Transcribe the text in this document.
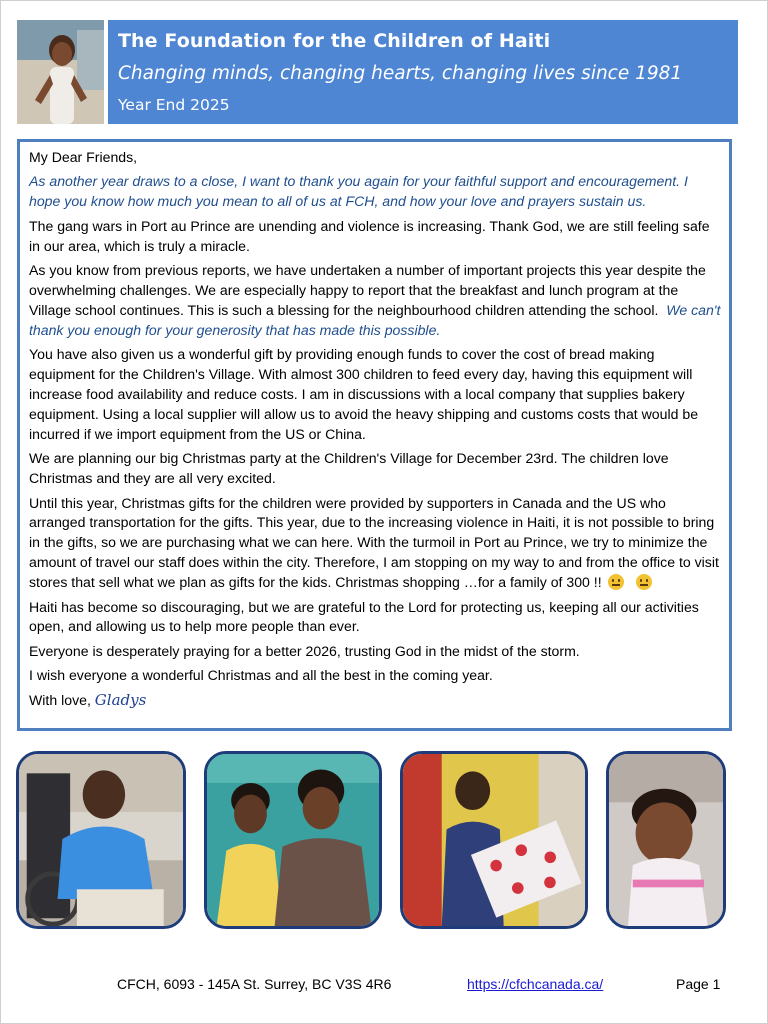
The Foundation for the Children of Haiti
Changing minds, changing hearts, changing lives since 1981
Year End 2025

My Dear Friends,

As another year draws to a close, I want to thank you again for your faithful support and encouragement. I hope you know how much you mean to all of us at FCH, and how your love and prayers sustain us.

The gang wars in Port au Prince are unending and violence is increasing. Thank God, we are still feeling safe in our area, which is truly a miracle.

As you know from previous reports, we have undertaken a number of important projects this year despite the overwhelming challenges. We are especially happy to report that the breakfast and lunch program at the Village school continues. This is such a blessing for the neighbourhood children attending the school. We can't thank you enough for your generosity that has made this possible.

You have also given us a wonderful gift by providing enough funds to cover the cost of bread making equipment for the Children's Village. With almost 300 children to feed every day, having this equipment will increase food availability and reduce costs. I am in discussions with a local company that supplies bakery equipment. Using a local supplier will allow us to avoid the heavy shipping and customs costs that would be incurred if we import equipment from the US or China.

We are planning our big Christmas party at the Children's Village for December 23rd. The children love Christmas and they are all very excited.

Until this year, Christmas gifts for the children were provided by supporters in Canada and the US who arranged transportation for the gifts. This year, due to the increasing violence in Haiti, it is not possible to bring in the gifts, so we are purchasing what we can here. With the turmoil in Port au Prince, we try to minimize the amount of travel our staff does within the city. Therefore, I am stopping on my way to and from the office to visit stores that sell what we plan as gifts for the kids. Christmas shopping …for a family of 300 !!

Haiti has become so discouraging, but we are grateful to the Lord for protecting us, keeping all our activities open, and allowing us to help more people than ever.

Everyone is desperately praying for a better 2026, trusting God in the midst of the storm.

I wish everyone a wonderful Christmas and all the best in the coming year.

With love, Gladys

CFCH, 6093 - 145A St. Surrey, BC V3S 4R6	https://cfchcanada.ca/	Page 1
